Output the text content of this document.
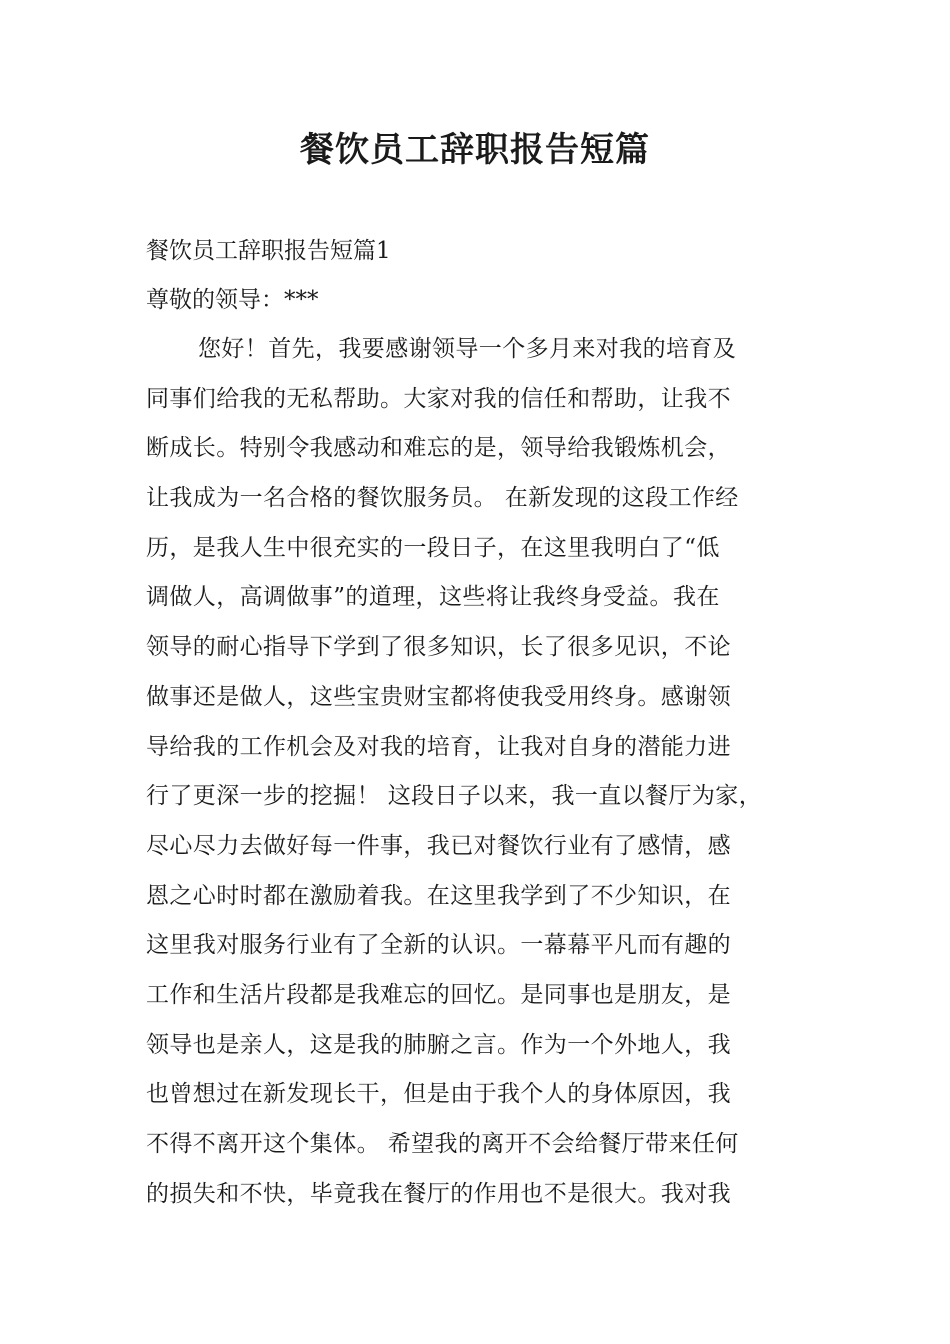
餐饮员工辞职报告短篇
餐饮员工辞职报告短篇1
尊敬的领导：***
您好！首先，我要感谢领导一个多月来对我的培育及
同事们给我的无私帮助。大家对我的信任和帮助，让我不
断成长。特别令我感动和难忘的是，领导给我锻炼机会，
让我成为一名合格的餐饮服务员。 在新发现的这段工作经
历，是我人生中很充实的一段日子，在这里我明白了“低
调做人，高调做事”的道理，这些将让我终身受益。我在
领导的耐心指导下学到了很多知识，长了很多见识，不论
做事还是做人，这些宝贵财宝都将使我受用终身。感谢领
导给我的工作机会及对我的培育，让我对自身的潜能力进
行了更深一步的挖掘！ 这段日子以来，我一直以餐厅为家，
尽心尽力去做好每一件事，我已对餐饮行业有了感情，感
恩之心时时都在激励着我。在这里我学到了不少知识，在
这里我对服务行业有了全新的认识。一幕幕平凡而有趣的
工作和生活片段都是我难忘的回忆。是同事也是朋友，是
领导也是亲人，这是我的肺腑之言。作为一个外地人，我
也曾想过在新发现长干，但是由于我个人的身体原因，我
不得不离开这个集体。 希望我的离开不会给餐厅带来任何
的损失和不快，毕竟我在餐厅的作用也不是很大。我对我
